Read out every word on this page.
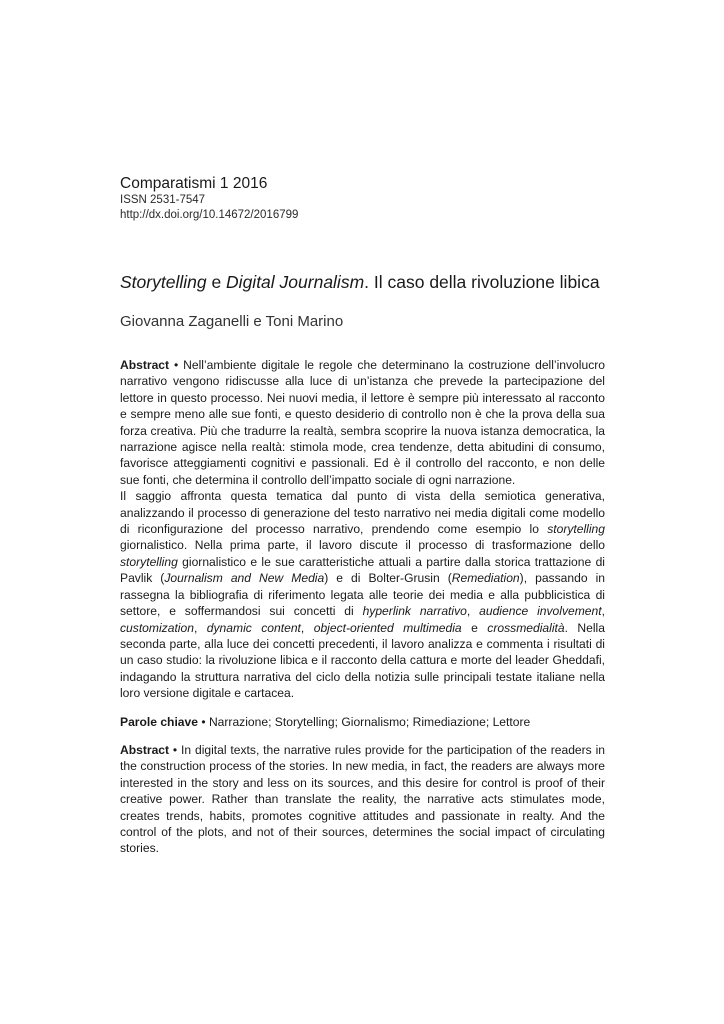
Comparatismi 1 2016
ISSN 2531-7547
http://dx.doi.org/10.14672/2016799
Storytelling e Digital Journalism. Il caso della rivoluzione libica
Giovanna Zaganelli e Toni Marino

Abstract • Nell’ambiente digitale le regole che determinano la costruzione dell’involucro narrativo vengono ridiscusse alla luce di un’istanza che prevede la partecipazione del lettore in questo processo. Nei nuovi media, il lettore è sempre più interessato al racconto e sempre meno alle sue fonti, e questo desiderio di controllo non è che la prova della sua forza creativa. Più che tradurre la realtà, sembra scoprire la nuova istanza democratica, la narrazione agisce nella realtà: stimola mode, crea tendenze, detta abitudini di consumo, favorisce atteggiamenti cognitivi e passionali. Ed è il controllo del racconto, e non delle sue fonti, che determina il controllo dell’impatto sociale di ogni narrazione.

Il saggio affronta questa tematica dal punto di vista della semiotica generativa, analizzando il processo di generazione del testo narrativo nei media digitali come modello di riconfigurazione del processo narrativo, prendendo come esempio lo storytelling giornalistico. Nella prima parte, il lavoro discute il processo di trasformazione dello storytelling giornalistico e le sue caratteristiche attuali a partire dalla storica trattazione di Pavlik (Journalism and New Media) e di Bolter-Grusin (Remediation), passando in rassegna la bibliografia di riferimento legata alle teorie dei media e alla pubblicistica di settore, e soffermandosi sui concetti di hyperlink narrativo, audience involvement, customization, dynamic content, object-oriented multimedia e crossmedialità. Nella seconda parte, alla luce dei concetti precedenti, il lavoro analizza e commenta i risultati di un caso studio: la rivoluzione libica e il racconto della cattura e morte del leader Gheddafi, indagando la struttura narrativa del ciclo della notizia sulle principali testate italiane nella loro versione digitale e cartacea.

Parole chiave • Narrazione; Storytelling; Giornalismo; Rimediazione; Lettore

Abstract • In digital texts, the narrative rules provide for the participation of the readers in the construction process of the stories. In new media, in fact, the readers are always more interested in the story and less on its sources, and this desire for control is proof of their creative power. Rather than translate the reality, the narrative acts stimulates mode, creates trends, habits, promotes cognitive attitudes and passionate in realty. And the control of the plots, and not of their sources, determines the social impact of circulating stories.
